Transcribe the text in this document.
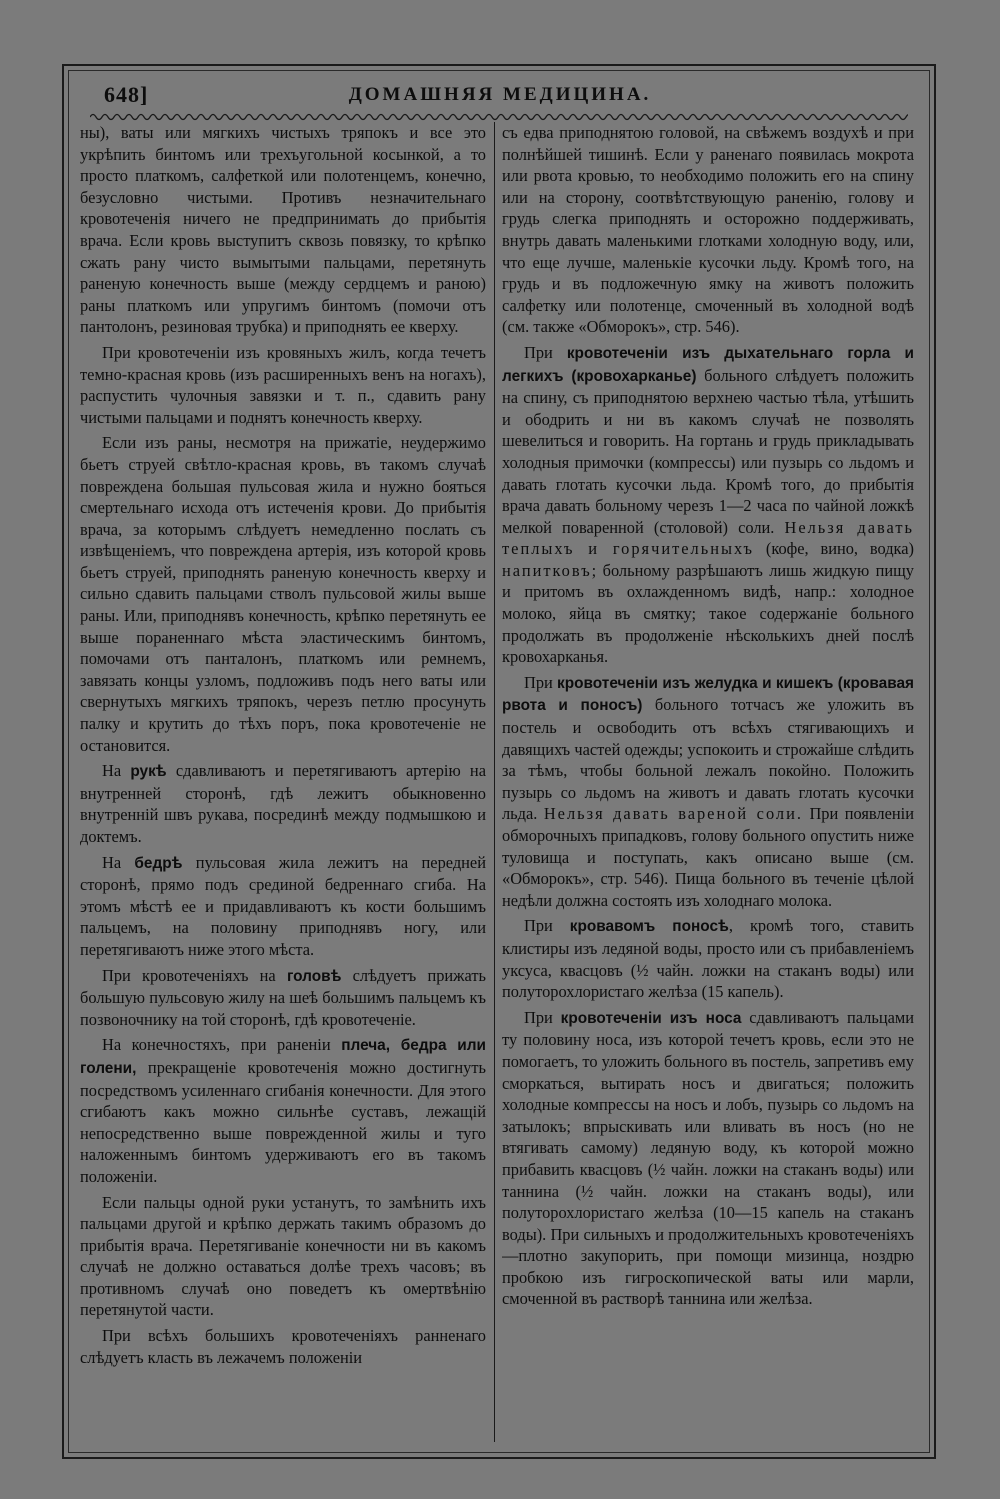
648]	ДОМАШНЯЯ МЕДИЦИНА.

ны), ваты или мягкихъ чистыхъ тряпокъ и все это укрѣпить бинтомъ или трехъугольной косынкой, а то просто платкомъ, салфеткой или полотенцемъ, конечно, безусловно чистыми. Противъ незначительнаго кровотеченія ничего не предпринимать до прибытія врача. Если кровь выступитъ сквозь повязку, то крѣпко сжать рану чисто вымытыми пальцами, перетянуть раненую конечность выше (между сердцемъ и раною) раны платкомъ или упругимъ бинтомъ (помочи отъ пантолонъ, резиновая трубка) и приподнять ее кверху.

При кровотеченіи изъ кровяныхъ жилъ, когда течетъ темно-красная кровь (изъ расширенныхъ венъ на ногахъ), распустить чулочныя завязки и т. п., сдавить рану чистыми пальцами и поднятъ конечность кверху.

Если изъ раны, несмотря на прижатіе, неудержимо бьетъ струей свѣтло-красная кровь, въ такомъ случаѣ повреждена большая пульсовая жила и нужно бояться смертельнаго исхода отъ истеченія крови. До прибытія врача, за которымъ слѣдуетъ немедленно послать съ извѣщеніемъ, что повреждена артерія, изъ которой кровь бьетъ струей, приподнять раненую конечность кверху и сильно сдавить пальцами стволъ пульсовой жилы выше раны. Или, приподнявъ конечность, крѣпко перетянуть ее выше пораненнаго мѣста эластическимъ бинтомъ, помочами отъ панталонъ, платкомъ или ремнемъ, завязать концы узломъ, подложивъ подъ него ваты или свернутыхъ мягкихъ тряпокъ, черезъ петлю просунуть палку и крутить до тѣхъ поръ, пока кровотеченіе не остановится.

На рукѣ сдавливаютъ и перетягиваютъ артерію на внутренней сторонѣ, гдѣ лежитъ обыкновенно внутренній швъ рукава, посрединѣ между подмышкою и доктемъ.

На бедрѣ пульсовая жила лежитъ на передней сторонѣ, прямо подъ срединой бедреннаго сгиба. На этомъ мѣстѣ ее и придавливаютъ къ кости большимъ пальцемъ, на половину приподнявъ ногу, или перетягиваютъ ниже этого мѣста.

При кровотеченіяхъ на головѣ слѣдуетъ прижать большую пульсовую жилу на шеѣ большимъ пальцемъ къ позвоночнику на той сторонѣ, гдѣ кровотеченіе.

На конечностяхъ, при раненіи плеча, бедра или голени, прекращеніе кровотеченія можно достигнуть посредствомъ усиленнаго сгибанія конечности. Для этого сгибаютъ какъ можно сильнѣе суставъ, лежащій непосредственно выше поврежденной жилы и туго наложеннымъ бинтомъ удерживаютъ его въ такомъ положеніи.

Если пальцы одной руки устанутъ, то замѣнить ихъ пальцами другой и крѣпко держать такимъ образомъ до прибытія врача. Перетягиваніе конечности ни въ какомъ случаѣ не должно оставаться долѣе трехъ часовъ; въ противномъ случаѣ оно поведетъ къ омертвѣнію перетянутой части.

При всѣхъ большихъ кровотеченіяхъ ранненаго слѣдуетъ класть въ лежачемъ положеніи

съ едва приподнятою головой, на свѣжемъ воздухѣ и при полнѣйшей тишинѣ. Если у раненаго появилась мокрота или рвота кровью, то необходимо положить его на спину или на сторону, соотвѣтствующую раненію, голову и грудь слегка приподнять и осторожно поддерживать, внутрь давать маленькими глотками холодную воду, или, что еще лучше, маленькіе кусочки льду. Кромѣ того, на грудь и въ подложечную ямку на животъ положить салфетку или полотенце, смоченный въ холодной водѣ (см. также «Обморокъ», стр. 546).

При кровотеченіи изъ дыхательнаго горла и легкихъ (кровохарканье) больного слѣдуетъ положить на спину, съ приподнятою верхнею частью тѣла, утѣшить и ободрить и ни въ какомъ случаѣ не позволять шевелиться и говорить. На гортань и грудь прикладывать холодныя примочки (компрессы) или пузырь со льдомъ и давать глотать кусочки льда. Кромѣ того, до прибытія врача давать больному черезъ 1—2 часа по чайной ложкѣ мелкой поваренной (столовой) соли. Нельзя давать теплыхъ и горячительныхъ (кофе, вино, водка) напитковъ; больному разрѣшаютъ лишь жидкую пищу и притомъ въ охлажденномъ видѣ, напр.: холодное молоко, яйца въ смятку; такое содержаніе больного продолжать въ продолженіе нѣсколькихъ дней послѣ кровохарканья.

При кровотеченіи изъ желудка и кишекъ (кровавая рвота и поносъ) больного тотчасъ же уложить въ постель и освободить отъ всѣхъ стягивающихъ и давящихъ частей одежды; успокоить и строжайше слѣдить за тѣмъ, чтобы больной лежалъ покойно. Положить пузырь со льдомъ на животъ и давать глотать кусочки льда. Нельзя давать вареной соли. При появленіи обморочныхъ припадковъ, голову больного опустить ниже туловища и поступать, какъ описано выше (см. «Обморокъ», стр. 546). Пища больного въ теченіе цѣлой недѣли должна состоять изъ холоднаго молока.

При кровавомъ поносѣ, кромѣ того, ставить клистиры изъ ледяной воды, просто или съ прибавленіемъ уксуса, квасцовъ (½ чайн. ложки на стаканъ воды) или полуторохлористаго желѣза (15 капель).

При кровотеченіи изъ носа сдавливаютъ пальцами ту половину носа, изъ которой течетъ кровь, если это не помогаетъ, то уложить больного въ постель, запретивъ ему сморкаться, вытирать носъ и двигаться; положить холодные компрессы на носъ и лобъ, пузырь со льдомъ на затылокъ; впрыскивать или вливать въ носъ (но не втягивать самому) ледяную воду, къ которой можно прибавить квасцовъ (½ чайн. ложки на стаканъ воды) или таннина (½ чайн. ложки на стаканъ воды), или полуторохлористаго желѣза (10—15 капель на стаканъ воды). При сильныхъ и продолжительныхъ кровотеченіяхъ—плотно закупорить, при помощи мизинца, ноздрю пробкою изъ гигроскопической ваты или марли, смоченной въ растворѣ таннина или желѣза.
